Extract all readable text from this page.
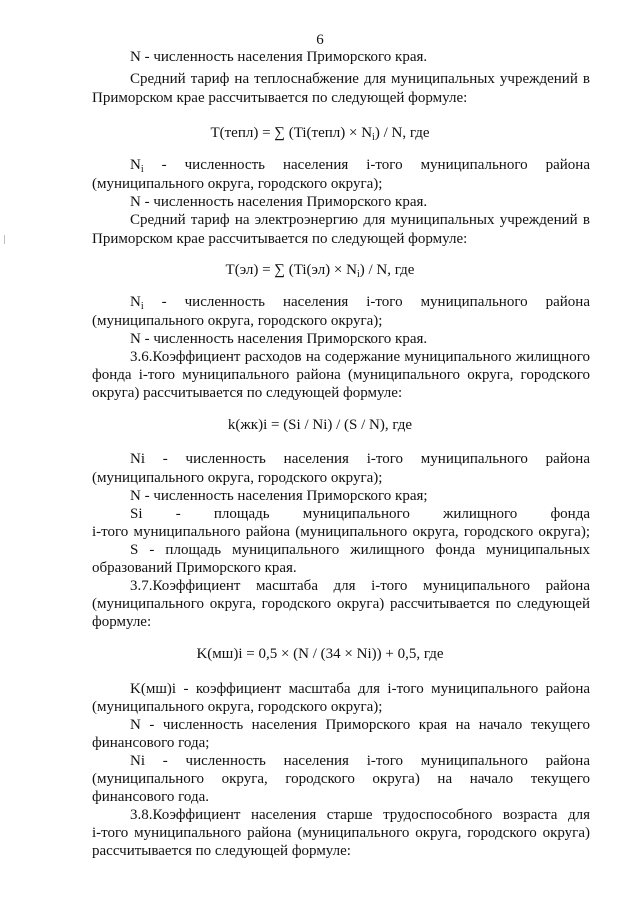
6
N - численность населения Приморского края.
Средний тариф на теплоснабжение для муниципальных учреждений в
Приморском крае рассчитывается по следующей формуле:
T(тепл) = ∑ (Ti(тепл) × $N_i$) / N, где
$N_i$ - численность населения i-того муниципального района
(муниципального округа, городского округа);
N - численность населения Приморского края.
Средний тариф на электроэнергию для муниципальных учреждений в
Приморском крае рассчитывается по следующей формуле:
T(эл) = ∑ $(Ti(эл) \times N_i) / N$, где
$N_i$ - численность населения i-того муниципального района
(муниципального округа, городского округа);
N - численность населения Приморского края.
3.6.Коэффициент расходов на содержание муниципального жилищного
фонда i-того муниципального района (муниципального округа, городского
округа) рассчитывается по следующей формуле:
k(жк)i = (Si / Ni) / (S / N), где
Ni - численность населения i-того муниципального района
(муниципального округа, городского округа);
N - численность населения Приморского края;
Si - площадь муниципального жилищного фонда
i-того муниципального района (муниципального округа, городского округа);
S - площадь муниципального жилищного фонда муниципальных
образований Приморского края.
3.7.Коэффициент масштаба для i-того муниципального района
(муниципального округа, городского округа) рассчитывается по следующей
формуле:
K(мш)i = 0,5 × (N / (34 × Ni)) + 0,5, где
K(мш)i - коэффициент масштаба для i-того муниципального района
(муниципального округа, городского округа);
N - численность населения Приморского края на начало текущего
финансового года;
Ni - численность населения i-того муниципального района
(муниципального округа, городского округа) на начало текущего
финансового года.
3.8.Коэффициент населения старше трудоспособного возраста для
i-того муниципального района (муниципального округа, городского округа)
рассчитывается по следующей формуле:
